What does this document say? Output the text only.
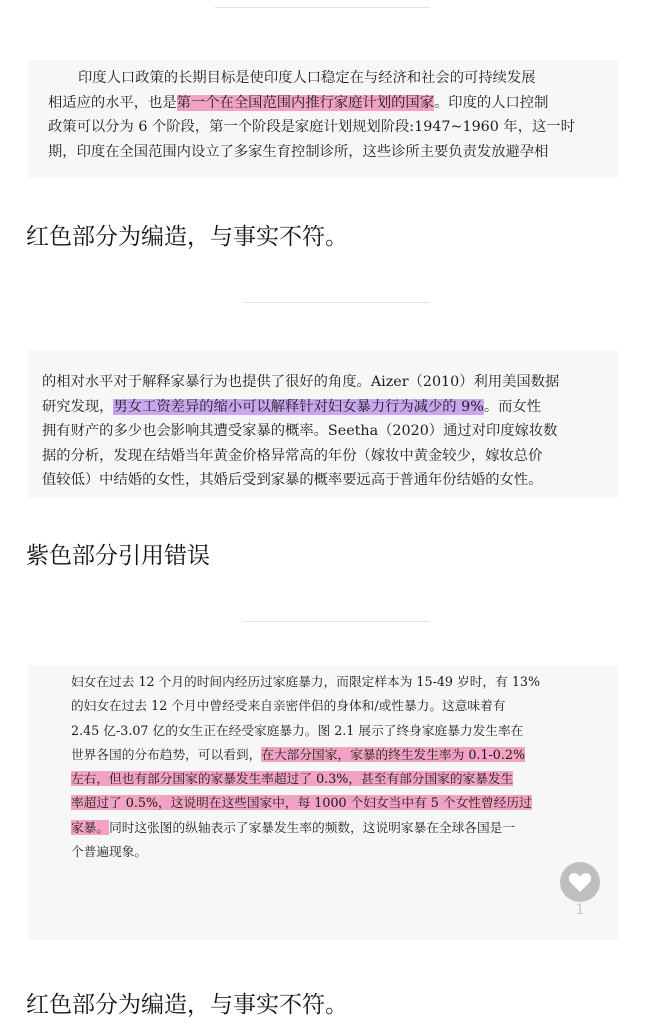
印度人口政策的长期目标是使印度人口稳定在与经济和社会的可持续发展
相适应的水平，也是第一个在全国范围内推行家庭计划的国家。印度的人口控制
政策可以分为 6 个阶段，第一个阶段是家庭计划规划阶段:1947~1960 年，这一时
期，印度在全国范围内设立了多家生育控制诊所，这些诊所主要负责发放避孕相

红色部分为编造，与事实不符。

的相对水平对于解释家暴行为也提供了很好的角度。Aizer（2010）利用美国数据
研究发现，男女工资差异的缩小可以解释针对妇女暴力行为减少的 9%。而女性
拥有财产的多少也会影响其遭受家暴的概率。Seetha（2020）通过对印度嫁妆数
据的分析，发现在结婚当年黄金价格异常高的年份（嫁妆中黄金较少，嫁妆总价
值较低）中结婚的女性，其婚后受到家暴的概率要远高于普通年份结婚的女性。

紫色部分引用错误

妇女在过去 12 个月的时间内经历过家庭暴力，而限定样本为 15-49 岁时，有 13%
的妇女在过去 12 个月中曾经受来自亲密伴侣的身体和/或性暴力。这意味着有
2.45 亿-3.07 亿的女生正在经受家庭暴力。图 2.1 展示了终身家庭暴力发生率在
世界各国的分布趋势，可以看到，在大部分国家，家暴的终生发生率为 0.1-0.2%
左右，但也有部分国家的家暴发生率超过了 0.3%，甚至有部分国家的家暴发生
率超过了 0.5%，这说明在这些国家中，每 1000 个妇女当中有 5 个女性曾经历过
家暴。同时这张图的纵轴表示了家暴发生率的频数，这说明家暴在全球各国是一
个普遍现象。

1
红色部分为编造，与事实不符。
